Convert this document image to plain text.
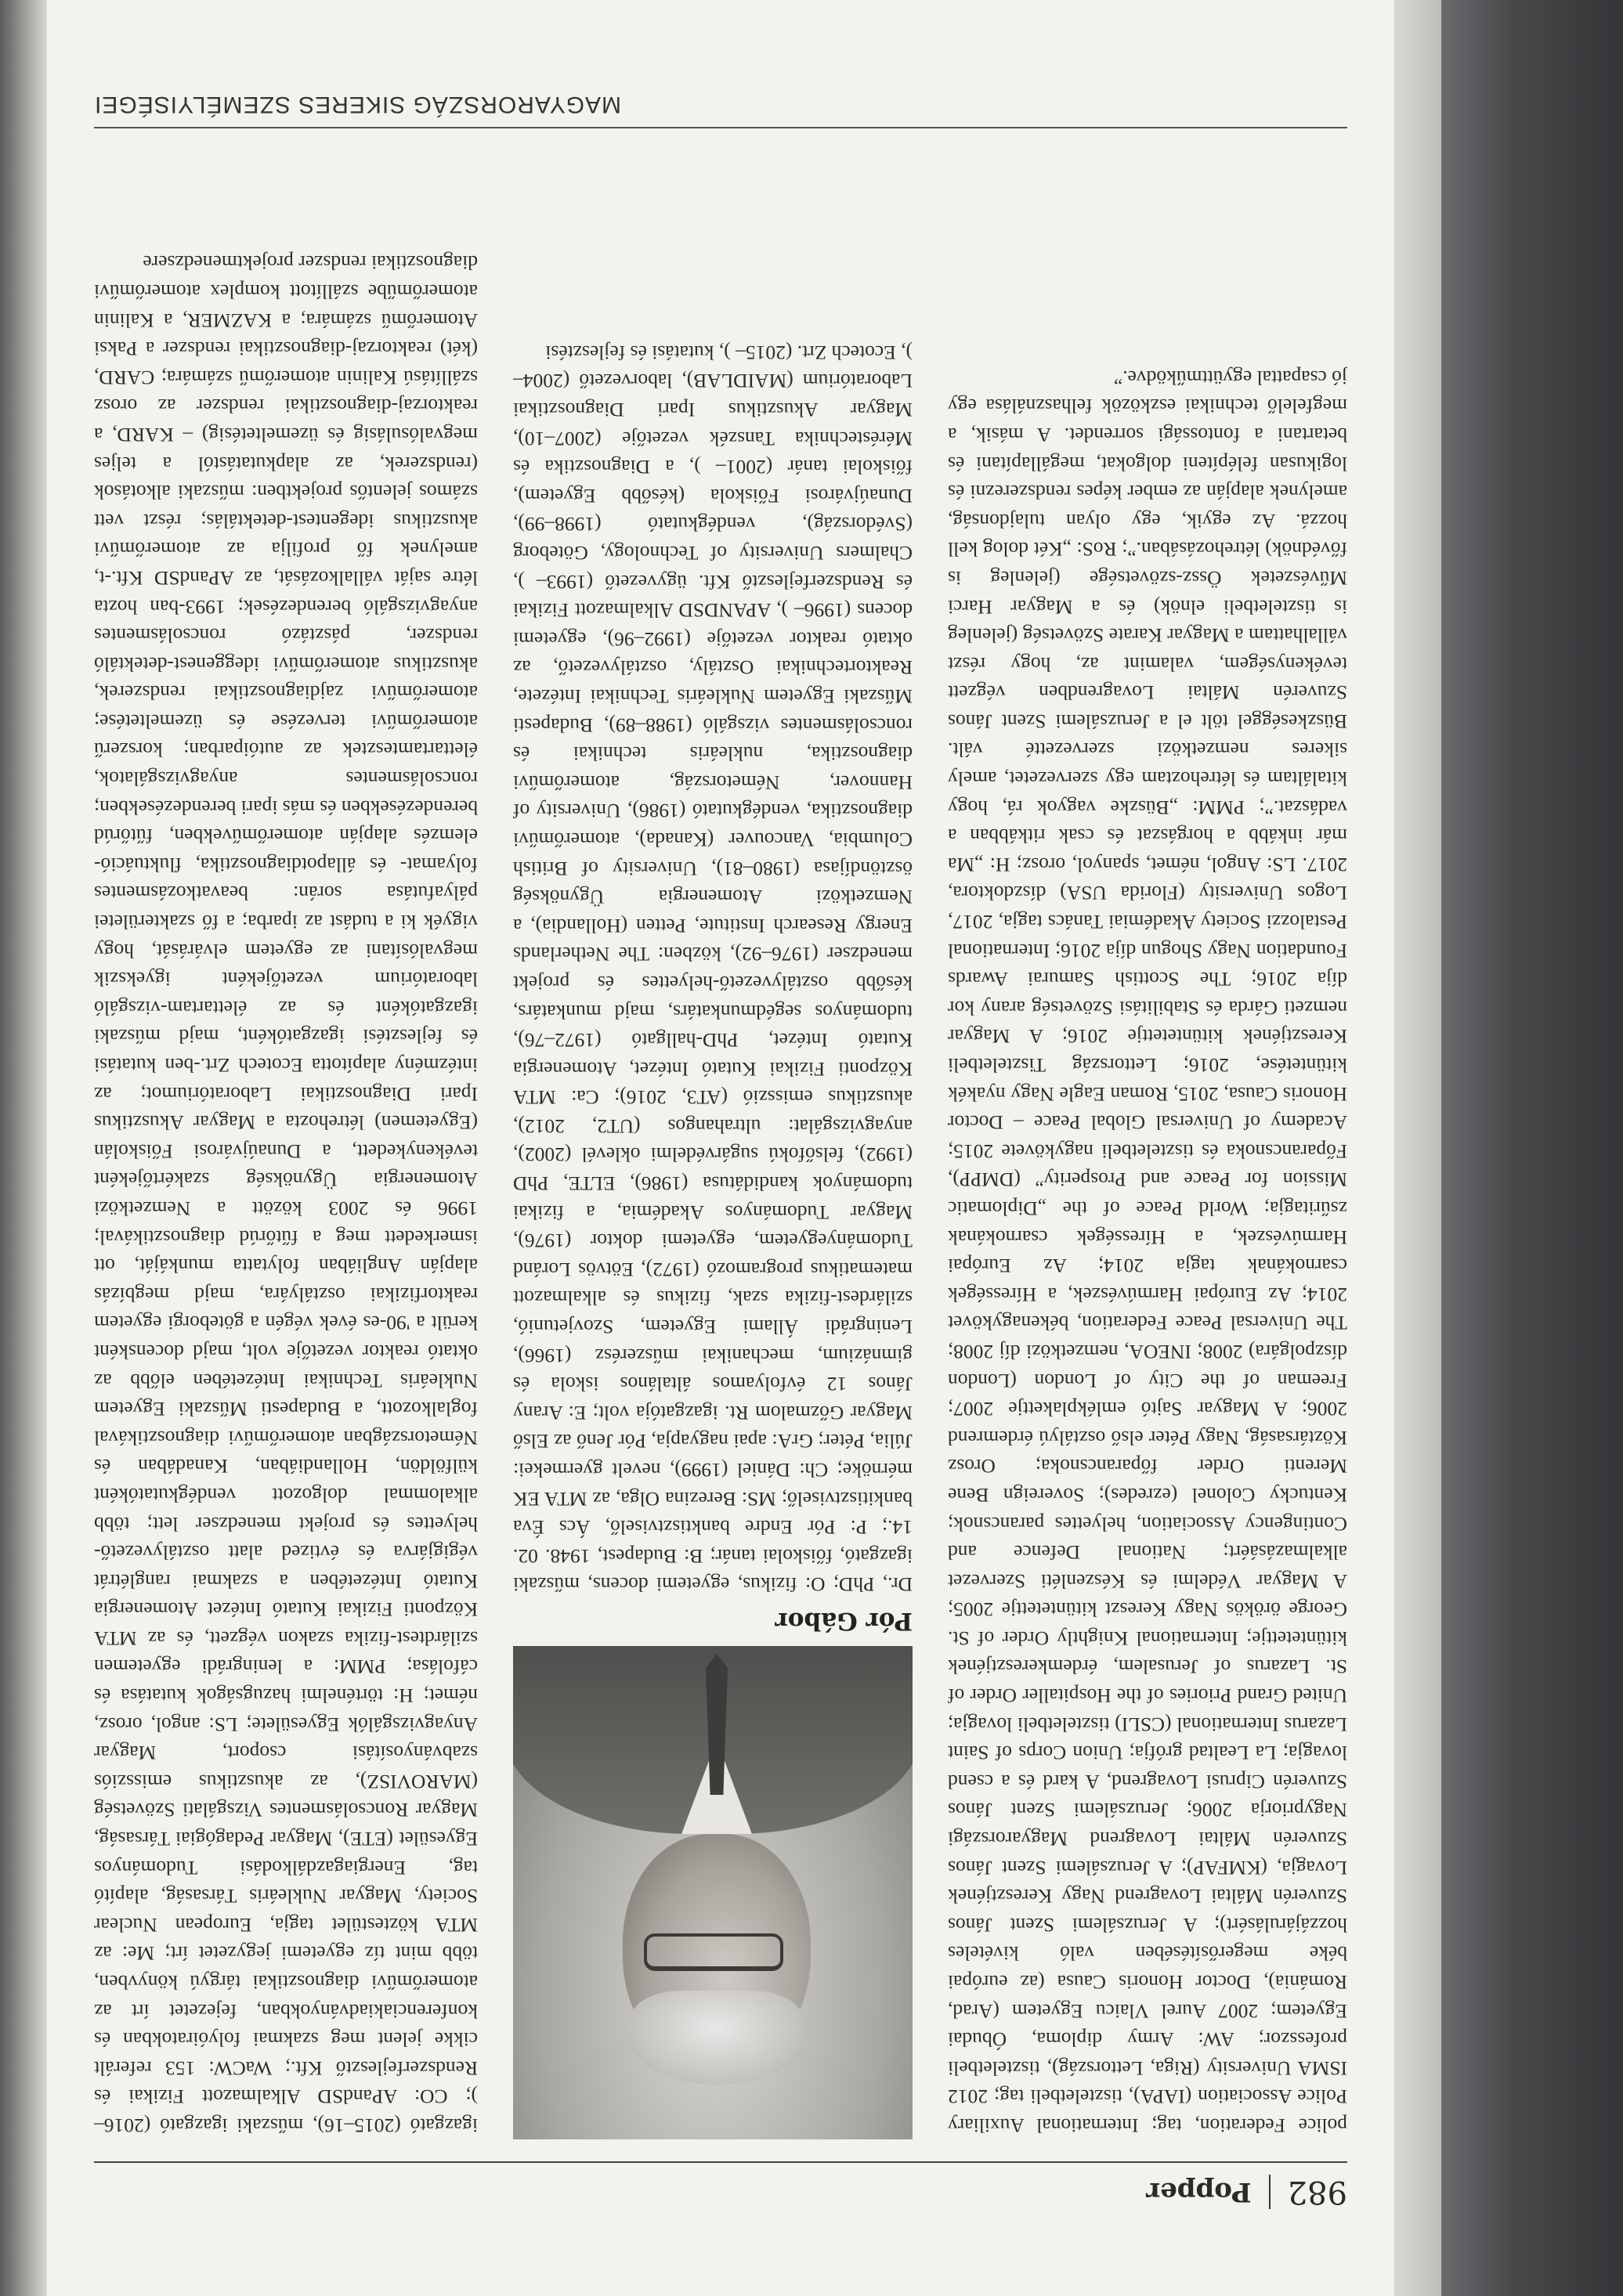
982
Popper

police Federation, tag; International Auxiliary Police Association (IAPA), tiszteletbeli tag; 2012 ISMA University (Riga, Lettország), tiszteletbeli professzor; AW: Army diploma, Óbudai Egyetem; 2007 Aurel Vlaicu Egyetem (Arad, Románia), Doctor Honoris Causa (az európai béke megerősítésében való kivételes hozzájárulásért); A Jeruzsálemi Szent János Szuverén Máltai Lovagrend Nagy Keresztjének Lovagja, (KMFAP); A Jeruzsálemi Szent János Szuverén Máltai Lovagrend Magyarországi Nagypriorja 2006; Jeruzsálemi Szent János Szuverén Ciprusi Lovagrend, A kard és a csend lovagja; La Lealtad grófja; Union Corps of Saint Lazarus International (CSLI) tiszteletbeli lovagja; United Grand Priories of the Hospitaller Order of St. Lazarus of Jerusalem, érdemkeresztjének kitüntetettje; International Knightly Order of St. George örökös Nagy Kereszt kitüntetettje 2005; A Magyar Védelmi és Készenléti Szervezet alkalmazásáért; National Defence and Contingency Association, helyettes parancsnok; Kentucky Colonel (ezredes); Sovereign Bene Merenti Order főparancsnoka; Orosz Köztársaság, Nagy Péter első osztályú érdemrend 2006; A Magyar Sajtó emlékplakettje 2007; Freeman of the City of London (London díszpolgára) 2008; INEOA, nemzetközi díj 2008; The Universal Peace Federation, békenagykövet 2014; Az Európai Harmúvészek, a Hírességek csarnokának tagja 2014; Az Európai Harmúvészek, a Hírességek csarnokának zsűritagja; World Peace of the „Diplomatic Mission for Peace and Prosperity” (DMPP), Főparancsnoka és tiszteletbeli nagykövete 2015; Academy of Universal Global Peace – Doctor Honoris Causa, 2015, Roman Eagle Nagy nyakék kitüntetése, 2016; Lettország Tiszteletbeli Keresztjének kitüntetettje 2016; A Magyar nemzeti Gárda és Stabilitási Szövetség arany kor díja 2016; The Scottish Samurai Awards Foundation Nagy Shogun díja 2016; International Pestalozzi Society Akadémiai Tanács tagja, 2017, Logos University (Florida USA) díszdoktora, 2017. LS: Angol, német, spanyol, orosz; H: „Ma már inkább a horgászat és csak ritkábban a vadászat.”; PMM: „Büszke vagyok rá, hogy kitaláltam és létrehoztam egy szervezetet, amely sikeres nemzetközi szervezetté vált. Büszkeséggel tölt el a Jeruzsálemi Szent János Szuverén Máltai Lovagrendben végzett tevékenységem, valamint az, hogy részt vállalhattam a Magyar Karate Szövetség (jelenleg is tiszteletbeli elnök) és a Magyar Harci Művészetek Össz-szövetsége (jelenleg is fővédnök) létrehozásában.”; RoS: „Két dolog kell hozzá. Az egyik, egy olyan tulajdonság, amelynek alapján az ember képes rendszerezni és logikusan felépíteni dolgokat, megállapítani és betartani a fontossági sorrendet. A másik, a megfelelő technikai eszközök felhasználása egy jó csapattal együttműködve.”

Pór Gábor

Dr., PhD; O: fizikus, egyetemi docens, műszaki igazgató, főiskolai tanár; B: Budapest, 1948. 02. 14.; P: Pór Endre banktisztviselő, Ács Éva bankitisztviselő; MS: Berezina Olga, az MTA EK mérnöke; Ch: Dániel (1999), nevelt gyermekei: Júlia, Péter; GrA: apai nagyapja, Pór Jenő az Első Magyar Gőzmalom Rt. igazgatója volt; E: Arany János 12 évfolyamos általános iskola és gimnázium, mechanikai műszerész (1966), Leningrádi Állami Egyetem, Szovjetunió, szilárdest-fizika szak, fizikus és alkalmazott matematikus programozó (1972), Eötvös Loránd Tudományegyetem, egyetemi doktor (1976), Magyar Tudományos Akadémia, a fizikai tudományok kandidátusa (1986), ELTE, PhD (1992), felsőfokú sugárvédelmi oklevél (2002), anyagvizsgálat: ultrahangos (UT2, 2012), akusztikus emisszió (AT3, 2016); Ca: MTA Központi Fizikai Kutató Intézet, Atomenergia Kutató Intézet, PhD-hallgató (1972–76), tudományos segédmunkatárs, majd munkatárs, később osztályvezető-helyettes és projekt menedzser (1976–92), közben: The Netherlands Energy Research Institute, Petten (Hollandia), a Nemzetközi Atomenergia Ügynökség ösztöndíjasa (1980–81), University of British Columbia, Vancouver (Kanada), atomerőművi diagnosztika, vendégkutató (1986), University of Hannover, Németország, atomerőművi diagnosztika, nukleáris technikai és roncsolásmentes vizsgáló (1988–89), Budapesti Műszaki Egyetem Nukleáris Technikai Intézete, Reaktortechnikai Osztály, osztályvezető, az oktató reaktor vezetője (1992–96), egyetemi docens (1996– ), APANDSD Alkalmazott Fizikai és Rendszerfejlesztő Kft. ügyvezető (1993– ), Chalmers University of Technology, Göteborg (Svédország), vendégkutató (1998–99), Dunaújvárosi Főiskola (később Egyetem), főiskolai tanár (2001– ), a Diagnosztika és Méréstechnika Tanszék vezetője (2007–10), Magyar Akusztikus Ipari Diagnosztikai Laboratórium (MAIDLAB), laborvezető (2004– ), Ecotech Zrt. (2015– ), kutatási és fejlesztési

igazgató (2015–16), műszaki igazgató (2016– ); CO: APandSD Alkalmazott Fizikai és Rendszerfejlesztő Kft.; WaCW: 153 referált cikke jelent meg szakmai folyóiratokban és konferenciakiadványokban, fejezetet írt az atomerőművi diagnosztikai tárgyú könyvben, több mint tíz egyetemi jegyzetet írt; Me: az MTA köztestület tagja, European Nuclear Society, Magyar Nukleáris Társaság, alapító tag, Energiagazdálkodási Tudományos Egyesület (ETE), Magyar Pedagógiai Társaság, Magyar Roncsolásmentes Vizsgálati Szövetség (MAROVISZ), az akusztikus emissziós szabványosítási csoport, Magyar Anyagvizsgálók Egyesülete; LS: angol, orosz, német; H: történelmi hazugságok kutatása és cáfolása; PMM: a leningrádi egyetemen szilárdtest-fizika szakon végzett, és az MTA Központi Fizikai Kutató Intézet Atomenergia Kutató Intézetében a szakmai ranglétrát végigjárva és évtized alatt osztályvezető-helyettes és projekt menedzser lett; több alkalommal dolgozott vendégkutatóként külföldön, Hollandiában, Kanadában és Németországban atomerőművi diagnosztikával foglalkozott, a Budapesti Műszaki Egyetem Nukleáris Technikai Intézetében előbb az oktató reaktor vezetője volt, majd docensként került a '90-es évek végén a göteborgi egyetem reaktorfizikai osztályára, majd megbízás alapján Angliában folytatta munkáját, ott ismerkedett meg a fűtőrúd diagnosztikával; 1996 és 2003 között a Nemzetközi Atomenergia Ügynökség szakértőjeként tevékenykedett, a Dunaújvárosi Főiskolán (Egyetemen) létrehozta a Magyar Akusztikus Ipari Diagnosztikai Laboratóriumot; az intézmény alapította Ecotech Zrt.-ben kutatási és fejlesztési igazgatóként, majd műszaki igazgatóként és az élettartam-vizsgáló laboratórium vezetőjeként igyekszik megvalósítani az egyetem elvárását, hogy vigyék ki a tudást az iparba; a fő szakterületei pályafutása során: beavatkozásmentes folyamat- és állapotdiagnosztika, fluktuáció-elemzés alapján atomerőművekben, fűtőrúd berendezésekben és más ipari berendezésekben; roncsolásmentes anyagvizsgálatok, élettartamtesztek az autóiparban; korszerű atomerőművi tervezése és üzemeltetése; atomerőművi zajdiagnosztikai rendszerek, akusztikus atomerőművi ideggenest-detektáló rendszer, pásztázó roncsolásmentes anyagvizsgáló berendezések; 1993-ban hozta létre saját vállalkozását, az APandSD Kft.-t, amelynek fő profilja az atomerőművi akusztikus idegentest-detektálás; részt vett számos jelentős projektben: műszaki alkotások (rendszerek, az alapkutatástól a teljes megvalósulásig és üzemeltetésig) – KARD, a reaktorzaj-diagnosztikai rendszer az orosz szállítású Kalinin atomerőmű számára; CARD, (két) reaktorzaj-diagnosztikai rendszer a Paksi Atomerőmű számára; a KAZMER, a Kalinin atomerőműbe szállított komplex atomerőművi diagnosztikai rendszer projektmenedzsere

MAGYARORSZÁG SIKERES SZEMÉLYISÉGEI
